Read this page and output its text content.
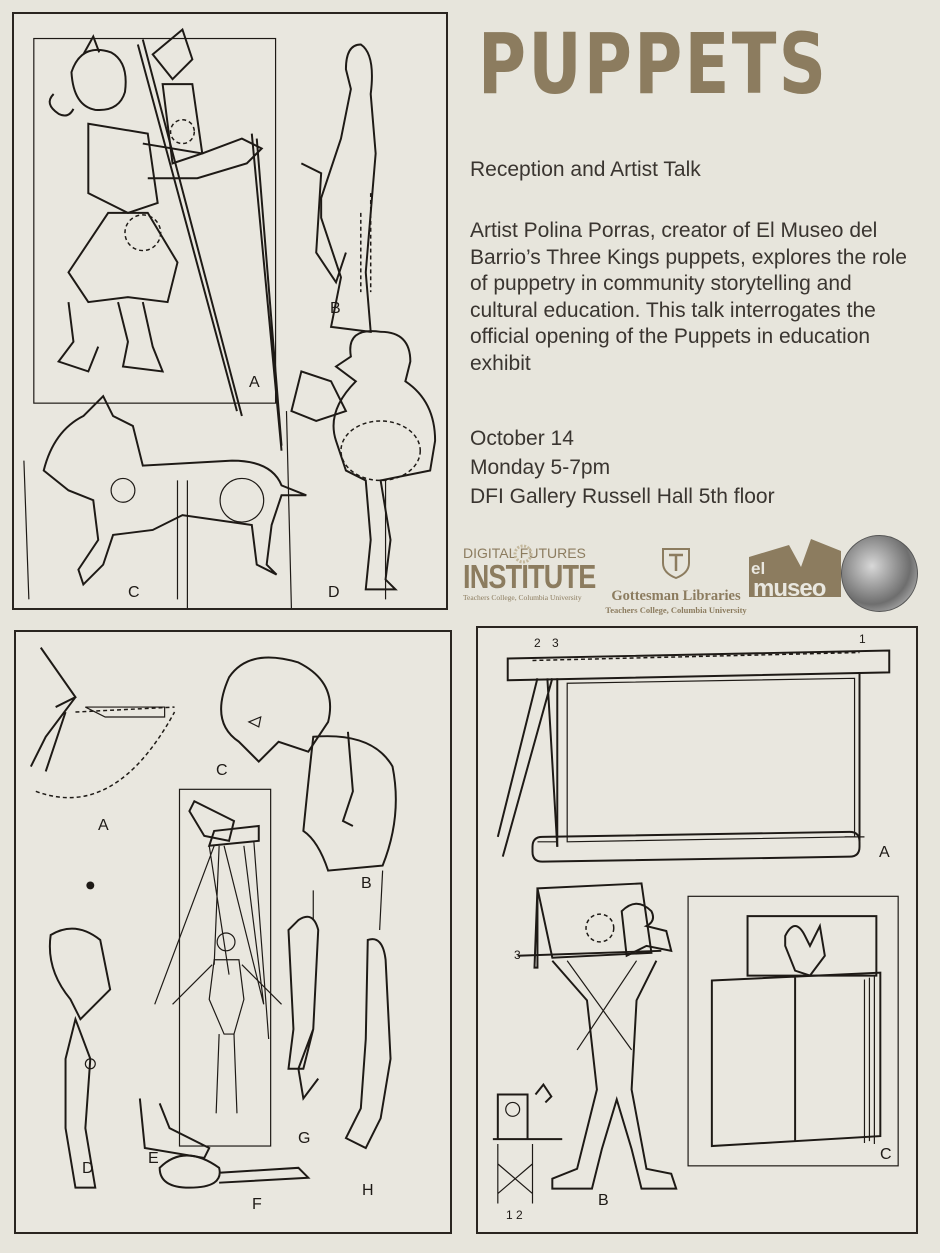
A
B
C	D
PUPPETS

Reception and Artist Talk

Artist Polina Porras, creator of El Museo del Barrio’s Three Kings puppets, explores the role of puppetry in community storytelling and cultural education. This talk interrogates the official opening of the Puppets in education exhibit

October 14
Monday 5-7pm
DFI Gallery Russell Hall 5th floor
DIGITAL FUTURES
INSTITUTE
Teachers College, Columbia University	Gottesman Libraries
Teachers College, Columbia University
el
museo
A
B
C
D
E
F
G
H
A
B
C
1
2 3
3
1 2
